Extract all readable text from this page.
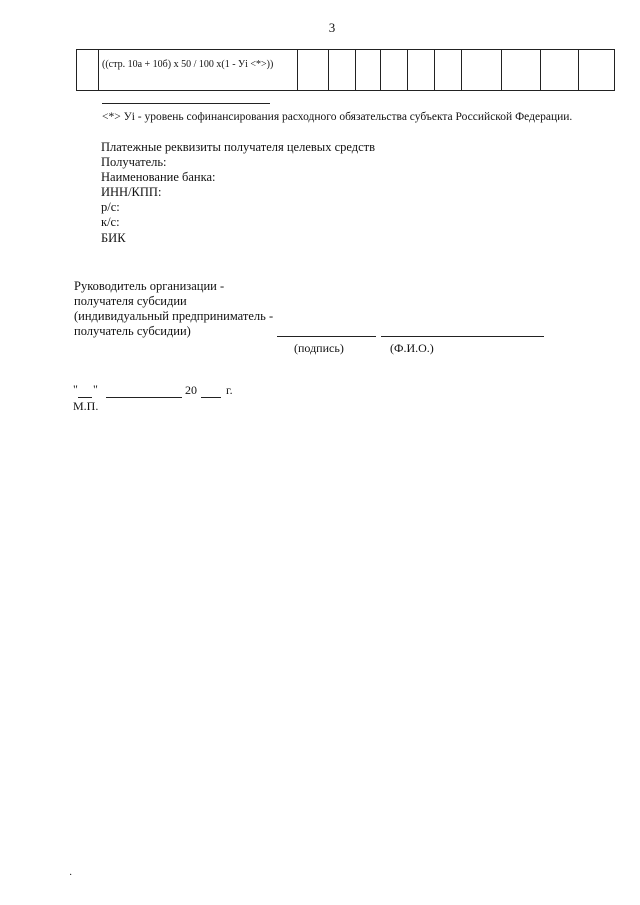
3

((стр. 10а + 10б) х 50 / 100 х(1 - Уi <*>))

<*> Уi - уровень софинансирования расходного обязательства субъекта Российской Федерации.
Платежные реквизиты получателя целевых средств
Получатель:
Наименование банка:
ИНН/КПП:
р/с:
к/с:
БИК
Руководитель организации -
получателя субсидии
(индивидуальный предприниматель -
получатель субсидии)
(подпись)	(Ф.И.О.)
" "	20 г.
М.П.
·
